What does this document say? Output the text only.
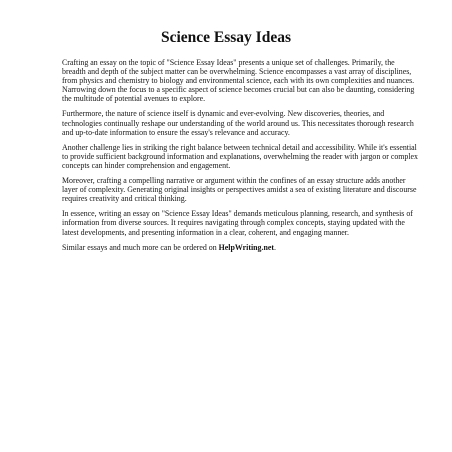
Science Essay Ideas

Crafting an essay on the topic of "Science Essay Ideas" presents a unique set of challenges. Primarily, the breadth and depth of the subject matter can be overwhelming. Science encompasses a vast array of disciplines, from physics and chemistry to biology and environmental science, each with its own complexities and nuances. Narrowing down the focus to a specific aspect of science becomes crucial but can also be daunting, considering the multitude of potential avenues to explore.

Furthermore, the nature of science itself is dynamic and ever-evolving. New discoveries, theories, and technologies continually reshape our understanding of the world around us. This necessitates thorough research and up-to-date information to ensure the essay's relevance and accuracy.

Another challenge lies in striking the right balance between technical detail and accessibility. While it's essential to provide sufficient background information and explanations, overwhelming the reader with jargon or complex concepts can hinder comprehension and engagement.

Moreover, crafting a compelling narrative or argument within the confines of an essay structure adds another layer of complexity. Generating original insights or perspectives amidst a sea of existing literature and discourse requires creativity and critical thinking.

In essence, writing an essay on "Science Essay Ideas" demands meticulous planning, research, and synthesis of information from diverse sources. It requires navigating through complex concepts, staying updated with the latest developments, and presenting information in a clear, coherent, and engaging manner.

Similar essays and much more can be ordered on HelpWriting.net.
